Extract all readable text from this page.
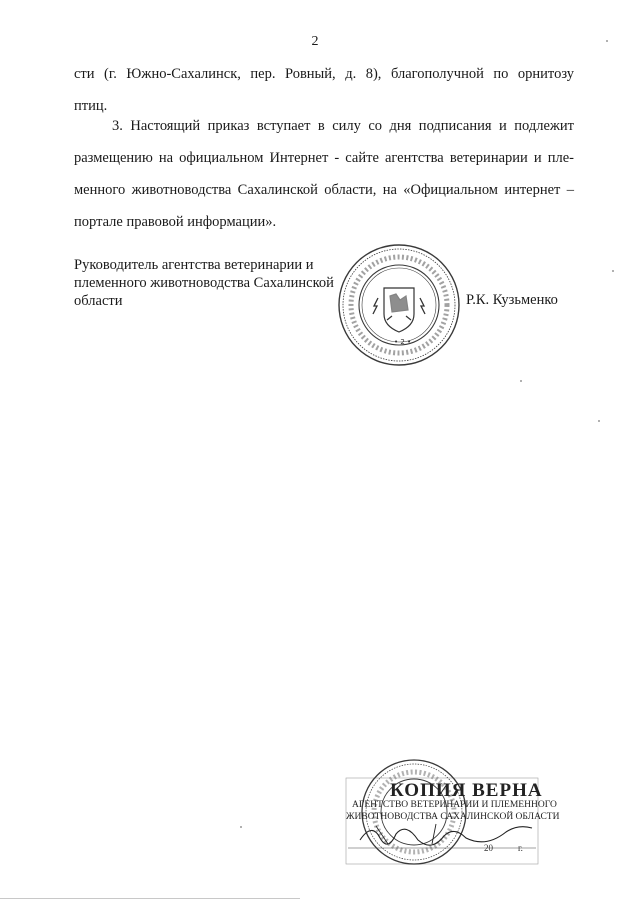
2
сти (г. Южно-Сахалинск, пер. Ровный, д. 8), благополучной по орнитозу
птиц.
3. Настоящий приказ вступает в силу со дня подписания и подлежит
размещению на официальном Интернет - сайте агентства ветеринарии и пле-
менного животноводства Сахалинской области, на «Официальном интернет –
портале правовой информации».
Руководитель агентства ветеринарии и
племенного животноводства Сахалинской
области
• 2 •
Р.К. Кузьменко
КОПИЯ ВЕРНА
АГЕНТСТВО ВЕТЕРИНАРИИ И ПЛЕМЕННОГО
ЖИВОТНОВОДСТВА САХАЛИНСКОЙ ОБЛАСТИ
20	г.
